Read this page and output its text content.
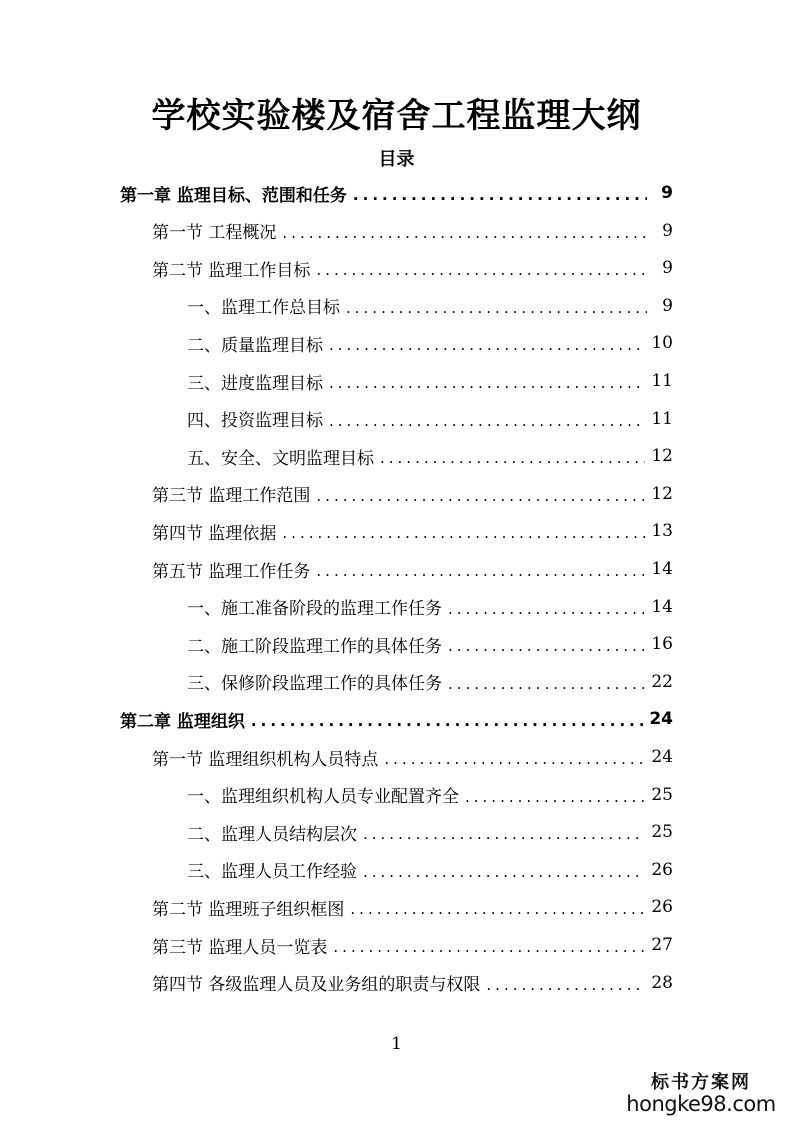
学校实验楼及宿舍工程监理大纲
目录
第一章 监理目标、范围和任务 .....	9
第一节 工程概况 .....	9
第二节 监理工作目标 .....	9
一、监理工作总目标 .....	9
二、质量监理目标 .....	10
三、进度监理目标 .....	11
四、投资监理目标 .....	11
五、安全、文明监理目标 .....	12
第三节 监理工作范围 .....	12
第四节 监理依据 .....	13
第五节 监理工作任务 .....	14
一、施工准备阶段的监理工作任务 .....	14
二、施工阶段监理工作的具体任务 .....	16
三、保修阶段监理工作的具体任务 .....	22
第二章 监理组织 .....	24
第一节 监理组织机构人员特点 .....	24
一、监理组织机构人员专业配置齐全 .....	25
二、监理人员结构层次 .....	25
三、监理人员工作经验 .....	26
第二节 监理班子组织框图 .....	26
第三节 监理人员一览表 .....	27
第四节 各级监理人员及业务组的职责与权限 .....	28
1
标书方案网
hongke98.com
